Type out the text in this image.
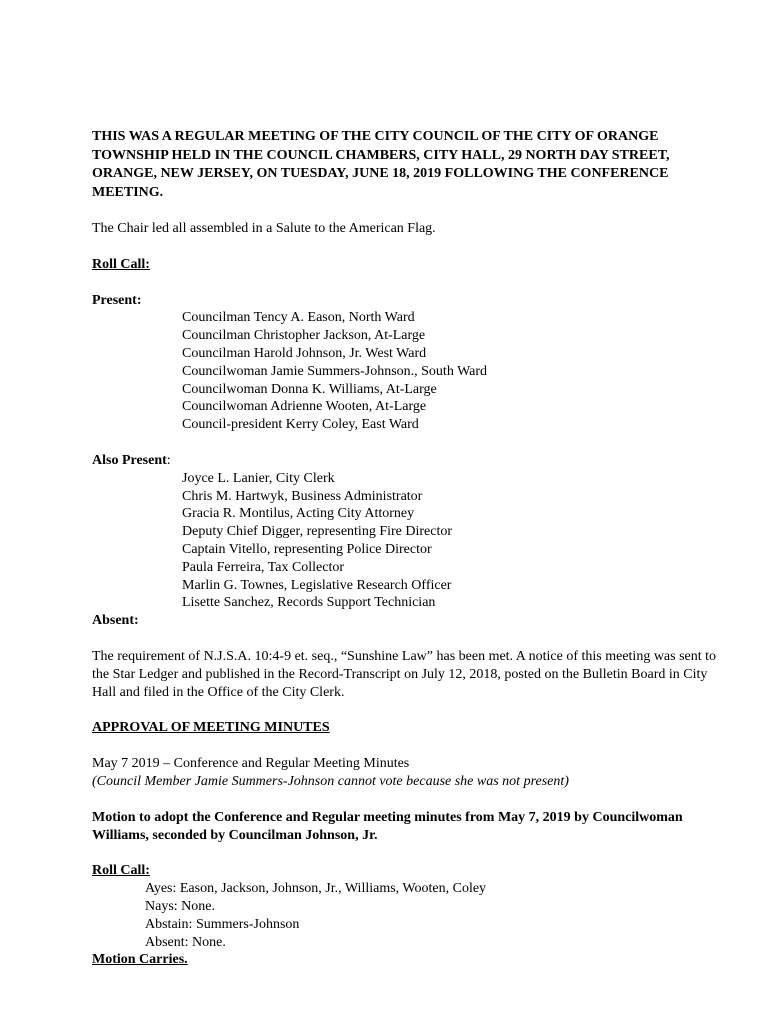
THIS WAS A REGULAR MEETING OF THE CITY COUNCIL OF THE CITY OF ORANGE TOWNSHIP HELD IN THE COUNCIL CHAMBERS, CITY HALL, 29 NORTH DAY STREET, ORANGE, NEW JERSEY, ON TUESDAY, JUNE 18, 2019 FOLLOWING THE CONFERENCE MEETING.

The Chair led all assembled in a Salute to the American Flag.

Roll Call:

Present:

Councilman Tency A. Eason, North Ward
Councilman Christopher Jackson, At-Large
Councilman Harold Johnson, Jr. West Ward
Councilwoman Jamie Summers-Johnson., South Ward
Councilwoman Donna K. Williams, At-Large
Councilwoman Adrienne Wooten, At-Large
Council-president Kerry Coley, East Ward

Also Present:

Joyce L. Lanier, City Clerk
Chris M. Hartwyk, Business Administrator
Gracia R. Montilus, Acting City Attorney
Deputy Chief Digger, representing Fire Director
Captain Vitello, representing Police Director
Paula Ferreira, Tax Collector
Marlin G. Townes, Legislative Research Officer
Lisette Sanchez, Records Support Technician

Absent:

The requirement of N.J.S.A. 10:4-9 et. seq., “Sunshine Law” has been met. A notice of this meeting was sent to the Star Ledger and published in the Record-Transcript on July 12, 2018, posted on the Bulletin Board in City Hall and filed in the Office of the City Clerk.

APPROVAL OF MEETING MINUTES

May 7 2019 – Conference and Regular Meeting Minutes

(Council Member Jamie Summers-Johnson cannot vote because she was not present)

Motion to adopt the Conference and Regular meeting minutes from May 7, 2019 by Councilwoman Williams, seconded by Councilman Johnson, Jr.

Roll Call:

Ayes: Eason, Jackson, Johnson, Jr., Williams, Wooten, Coley
Nays: None.
Abstain: Summers-Johnson
Absent: None.

Motion Carries.
